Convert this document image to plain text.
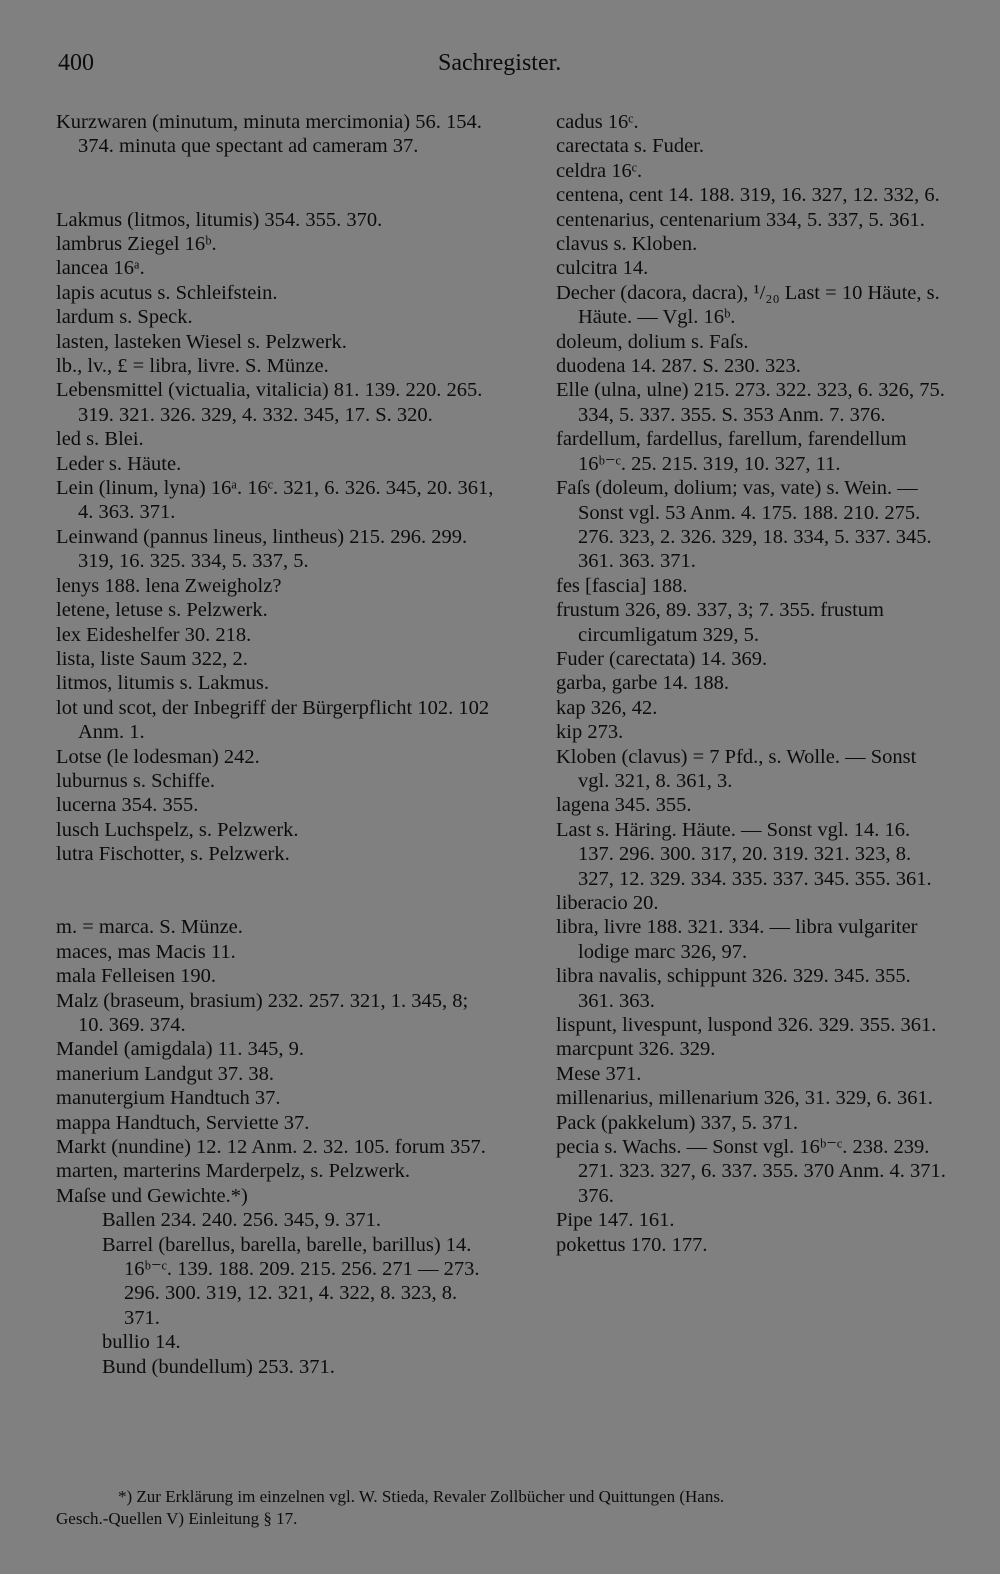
400	Sachregister.

Kurzwaren (minutum, minuta mercimonia) 56. 154. 374. minuta que spectant ad cameram 37.

Lakmus (litmos, litumis) 354. 355. 370.

lambrus Ziegel 16ᵇ.

lancea 16ᵃ.

lapis acutus s. Schleifstein.

lardum s. Speck.

lasten, lasteken Wiesel s. Pelzwerk.

lb., lv., £ = libra, livre. S. Münze.

Lebensmittel (victualia, vitalicia) 81. 139. 220. 265. 319. 321. 326. 329, 4. 332. 345, 17. S. 320.

led s. Blei.

Leder s. Häute.

Lein (linum, lyna) 16ᵃ. 16ᶜ. 321, 6. 326. 345, 20. 361, 4. 363. 371.

Leinwand (pannus lineus, lintheus) 215. 296. 299. 319, 16. 325. 334, 5. 337, 5.

lenys 188. lena Zweigholz?

letene, letuse s. Pelzwerk.

lex Eideshelfer 30. 218.

lista, liste Saum 322, 2.

litmos, litumis s. Lakmus.

lot und scot, der Inbegriff der Bürgerpflicht 102. 102 Anm. 1.

Lotse (le lodesman) 242.

luburnus s. Schiffe.

lucerna 354. 355.

lusch Luchspelz, s. Pelzwerk.

lutra Fischotter, s. Pelzwerk.

m. = marca. S. Münze.

maces, mas Macis 11.

mala Felleisen 190.

Malz (braseum, brasium) 232. 257. 321, 1. 345, 8; 10. 369. 374.

Mandel (amigdala) 11. 345, 9.

manerium Landgut 37. 38.

manutergium Handtuch 37.

mappa Handtuch, Serviette 37.

Markt (nundine) 12. 12 Anm. 2. 32. 105. forum 357.

marten, marterins Marderpelz, s. Pelzwerk.

Maſse und Gewichte.*)

Ballen 234. 240. 256. 345, 9. 371.

Barrel (barellus, barella, barelle, barillus) 14. 16ᵇ⁻ᶜ. 139. 188. 209. 215. 256. 271 — 273. 296. 300. 319, 12. 321, 4. 322, 8. 323, 8. 371.

bullio 14.

Bund (bundellum) 253. 371.

cadus 16ᶜ.

carectata s. Fuder.

celdra 16ᶜ.

centena, cent 14. 188. 319, 16. 327, 12. 332, 6.

centenarius, centenarium 334, 5. 337, 5. 361.

clavus s. Kloben.

culcitra 14.

Decher (dacora, dacra), ¹/₂₀ Last = 10 Häute, s. Häute. — Vgl. 16ᵇ.

doleum, dolium s. Faſs.

duodena 14. 287. S. 230. 323.

Elle (ulna, ulne) 215. 273. 322. 323, 6. 326, 75. 334, 5. 337. 355. S. 353 Anm. 7. 376.

fardellum, fardellus, farellum, farendellum 16ᵇ⁻ᶜ. 25. 215. 319, 10. 327, 11.

Faſs (doleum, dolium; vas, vate) s. Wein. — Sonst vgl. 53 Anm. 4. 175. 188. 210. 275. 276. 323, 2. 326. 329, 18. 334, 5. 337. 345. 361. 363. 371.

fes [fascia] 188.

frustum 326, 89. 337, 3; 7. 355. frustum circumligatum 329, 5.

Fuder (carectata) 14. 369.

garba, garbe 14. 188.

kap 326, 42.

kip 273.

Kloben (clavus) = 7 Pfd., s. Wolle. — Sonst vgl. 321, 8. 361, 3.

lagena 345. 355.

Last s. Häring. Häute. — Sonst vgl. 14. 16. 137. 296. 300. 317, 20. 319. 321. 323, 8. 327, 12. 329. 334. 335. 337. 345. 355. 361.

liberacio 20.

libra, livre 188. 321. 334. — libra vulgariter lodige marc 326, 97.

libra navalis, schippunt 326. 329. 345. 355. 361. 363.

lispunt, livespunt, luspond 326. 329. 355. 361.

marcpunt 326. 329.

Mese 371.

millenarius, millenarium 326, 31. 329, 6. 361.

Pack (pakkelum) 337, 5. 371.

pecia s. Wachs. — Sonst vgl. 16ᵇ⁻ᶜ. 238. 239. 271. 323. 327, 6. 337. 355. 370 Anm. 4. 371. 376.

Pipe 147. 161.

pokettus 170. 177.

*) Zur Erklärung im einzelnen vgl. W. Stieda, Revaler Zollbücher und Quittungen (Hans.

Gesch.-Quellen V) Einleitung § 17.
